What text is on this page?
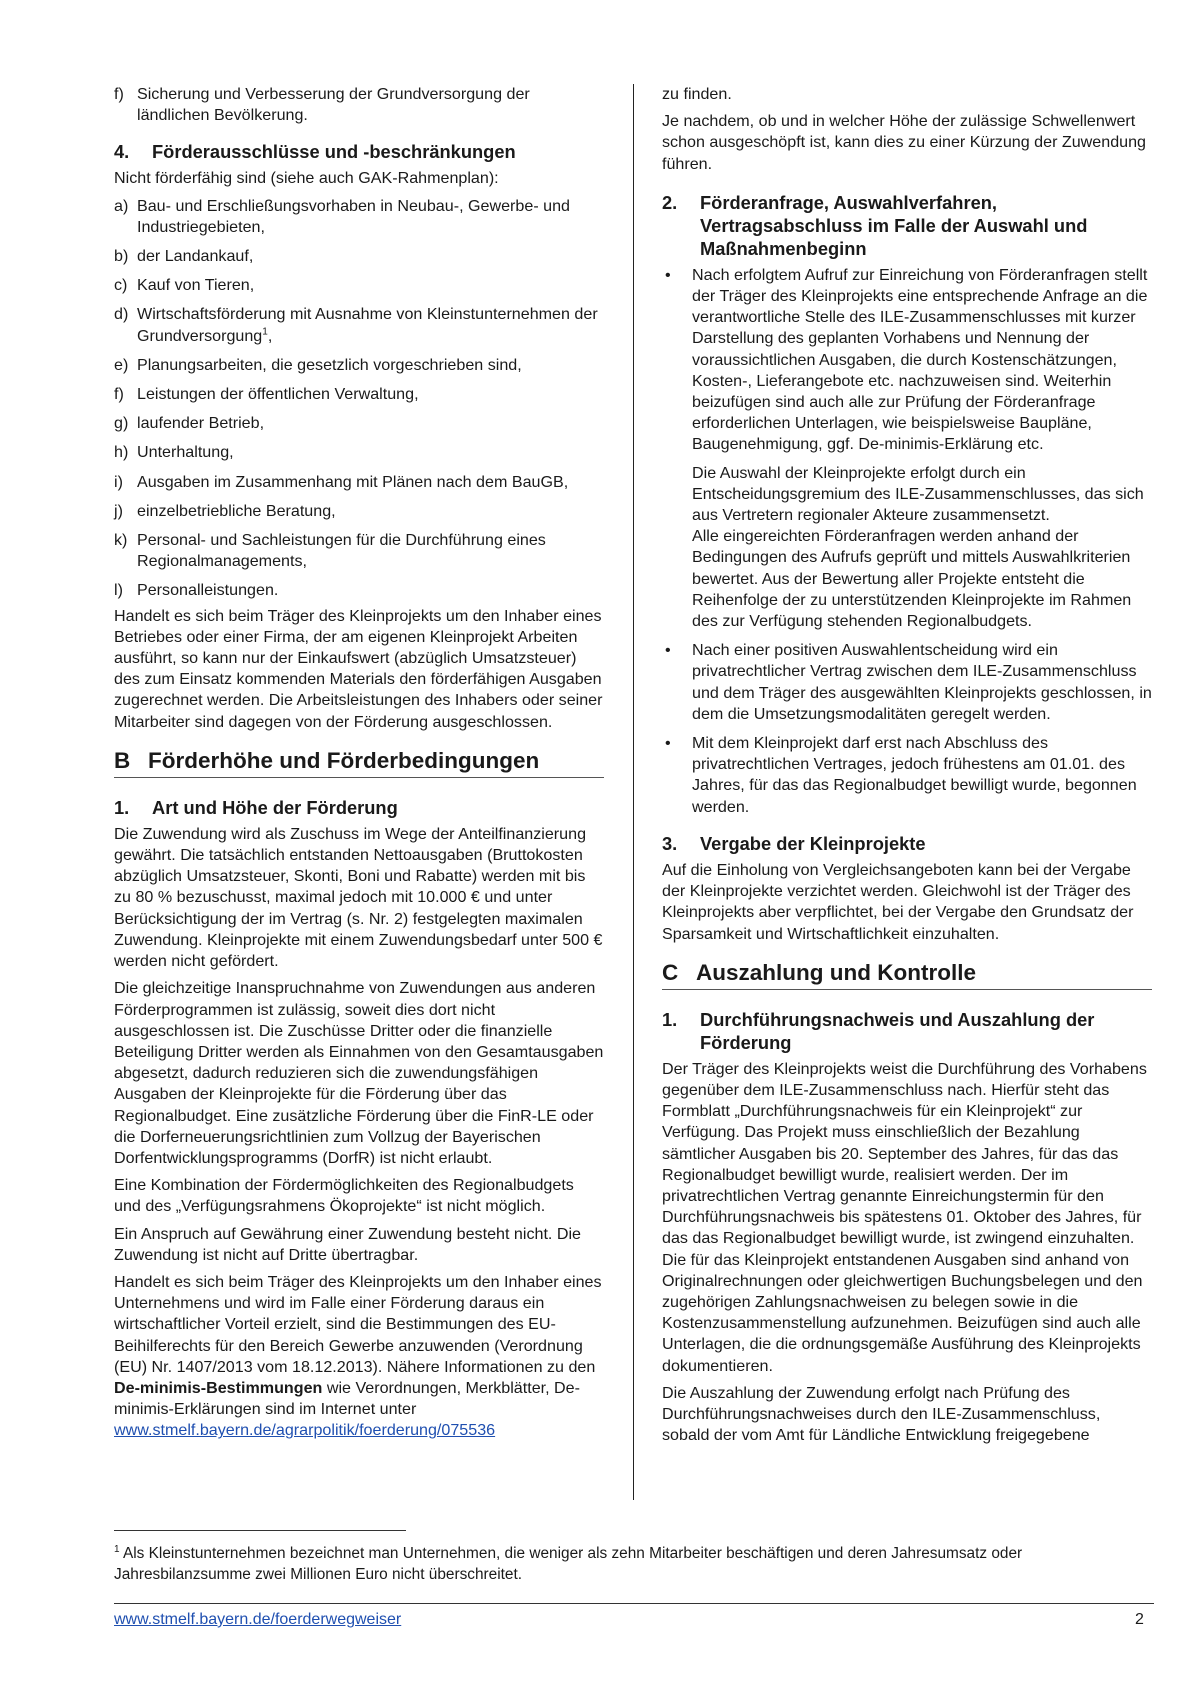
f) Sicherung und Verbesserung der Grundversorgung der ländlichen Bevölkerung.
4.	Förderausschlüsse und -beschränkungen

Nicht förderfähig sind (siehe auch GAK-Rahmenplan):

a) Bau- und Erschließungsvorhaben in Neubau-, Gewerbe- und Industriegebieten,
b) der Landankauf,
c) Kauf von Tieren,
d) Wirtschaftsförderung mit Ausnahme von Kleinstunternehmen der Grundversorgung$^1$,
e) Planungsarbeiten, die gesetzlich vorgeschrieben sind,
f) Leistungen der öffentlichen Verwaltung,
g) laufender Betrieb,
h) Unterhaltung,
i) Ausgaben im Zusammenhang mit Plänen nach dem BauGB,
j) einzelbetriebliche Beratung,
k) Personal- und Sachleistungen für die Durchführung eines Regionalmanagements,
l) Personalleistungen.

Handelt es sich beim Träger des Kleinprojekts um den Inhaber eines Betriebes oder einer Firma, der am eigenen Kleinprojekt Arbeiten ausführt, so kann nur der Einkaufswert (abzüglich Umsatzsteuer) des zum Einsatz kommenden Materials den förderfähigen Ausgaben zugerechnet werden. Die Arbeitsleistungen des Inhabers oder seiner Mitarbeiter sind dagegen von der Förderung ausgeschlossen.

B Förderhöhe und Förderbedingungen
1.	Art und Höhe der Förderung

Die Zuwendung wird als Zuschuss im Wege der Anteilfinanzierung gewährt. Die tatsächlich entstanden Nettoausgaben (Bruttokosten abzüglich Umsatzsteuer, Skonti, Boni und Rabatte) werden mit bis zu 80 % bezuschusst, maximal jedoch mit 10.000 € und unter Berücksichtigung der im Vertrag (s. Nr. 2) festgelegten maximalen Zuwendung. Kleinprojekte mit einem Zuwendungsbedarf unter 500 € werden nicht gefördert.

Die gleichzeitige Inanspruchnahme von Zuwendungen aus anderen Förderprogrammen ist zulässig, soweit dies dort nicht ausgeschlossen ist. Die Zuschüsse Dritter oder die finanzielle Beteiligung Dritter werden als Einnahmen von den Gesamtausgaben abgesetzt, dadurch reduzieren sich die zuwendungsfähigen Ausgaben der Kleinprojekte für die Förderung über das Regionalbudget. Eine zusätzliche Förderung über die FinR-LE oder die Dorferneuerungsrichtlinien zum Vollzug der Bayerischen Dorfentwicklungsprogramms (DorfR) ist nicht erlaubt.

Eine Kombination der Fördermöglichkeiten des Regionalbudgets und des „Verfügungsrahmens Ökoprojekte“ ist nicht möglich.

Ein Anspruch auf Gewährung einer Zuwendung besteht nicht. Die Zuwendung ist nicht auf Dritte übertragbar.

Handelt es sich beim Träger des Kleinprojekts um den Inhaber eines Unternehmens und wird im Falle einer Förderung daraus ein wirtschaftlicher Vorteil erzielt, sind die Bestimmungen des EU- Beihilferechts für den Bereich Gewerbe anzuwenden (Verordnung (EU) Nr. 1407/2013 vom 18.12.2013). Nähere Informationen zu den De-minimis-Bestimmungen wie Verordnungen, Merkblätter, De-minimis-Erklärungen sind im Internet unter
www.stmelf.bayern.de/agrarpolitik/foerderung/075536

zu finden.

Je nachdem, ob und in welcher Höhe der zulässige Schwellenwert schon ausgeschöpft ist, kann dies zu einer Kürzung der Zuwendung führen.

2.	Förderanfrage, Auswahlverfahren, Vertragsabschluss im Falle der Auswahl und Maßnahmenbeginn
•	Nach erfolgtem Aufruf zur Einreichung von Förderanfragen stellt der Träger des Kleinprojekts eine entsprechende Anfrage an die verantwortliche Stelle des ILE-Zusammenschlusses mit kurzer Darstellung des geplanten Vorhabens und Nennung der voraussichtlichen Ausgaben, die durch Kostenschätzungen, Kosten-, Lieferangebote etc. nachzuweisen sind. Weiterhin beizufügen sind auch alle zur Prüfung der Förderanfrage erforderlichen Unterlagen, wie beispielsweise Baupläne, Baugenehmigung, ggf. De-minimis-Erklärung etc.
Die Auswahl der Kleinprojekte erfolgt durch ein Entscheidungsgremium des ILE-Zusammenschlusses, das sich aus Vertretern regionaler Akteure zusammensetzt.
Alle eingereichten Förderanfragen werden anhand der Bedingungen des Aufrufs geprüft und mittels Auswahlkriterien bewertet. Aus der Bewertung aller Projekte entsteht die Reihenfolge der zu unterstützenden Kleinprojekte im Rahmen des zur Verfügung stehenden Regionalbudgets.
•	Nach einer positiven Auswahlentscheidung wird ein privatrechtlicher Vertrag zwischen dem ILE-Zusammenschluss und dem Träger des ausgewählten Kleinprojekts geschlossen, in dem die Umsetzungsmodalitäten geregelt werden.
•	Mit dem Kleinprojekt darf erst nach Abschluss des privatrechtlichen Vertrages, jedoch frühestens am 01.01. des Jahres, für das das Regionalbudget bewilligt wurde, begonnen werden.
3.	Vergabe der Kleinprojekte

Auf die Einholung von Vergleichsangeboten kann bei der Vergabe der Kleinprojekte verzichtet werden. Gleichwohl ist der Träger des Kleinprojekts aber verpflichtet, bei der Vergabe den Grundsatz der Sparsamkeit und Wirtschaftlichkeit einzuhalten.

C Auszahlung und Kontrolle
1.	Durchführungsnachweis und Auszahlung der Förderung

Der Träger des Kleinprojekts weist die Durchführung des Vorhabens gegenüber dem ILE-Zusammenschluss nach. Hierfür steht das Formblatt „Durchführungsnachweis für ein Kleinprojekt“ zur Verfügung. Das Projekt muss einschließlich der Bezahlung sämtlicher Ausgaben bis 20. September des Jahres, für das das Regionalbudget bewilligt wurde, realisiert werden. Der im privatrechtlichen Vertrag genannte Einreichungstermin für den Durchführungsnachweis bis spätestens 01. Oktober des Jahres, für das das Regionalbudget bewilligt wurde, ist zwingend einzuhalten. Die für das Kleinprojekt entstandenen Ausgaben sind anhand von Originalrechnungen oder gleichwertigen Buchungsbelegen und den zugehörigen Zahlungsnachweisen zu belegen sowie in die Kostenzusammenstellung aufzunehmen. Beizufügen sind auch alle Unterlagen, die die ordnungsgemäße Ausführung des Kleinprojekts dokumentieren.

Die Auszahlung der Zuwendung erfolgt nach Prüfung des Durchführungsnachweises durch den ILE-Zusammenschluss, sobald der vom Amt für Ländliche Entwicklung freigegebene

$^1$ Als Kleinstunternehmen bezeichnet man Unternehmen, die weniger als zehn Mitarbeiter beschäftigen und deren Jahresumsatz oder Jahresbilanzsumme zwei Millionen Euro nicht überschreitet.
www.stmelf.bayern.de/foerderwegweiser	2
